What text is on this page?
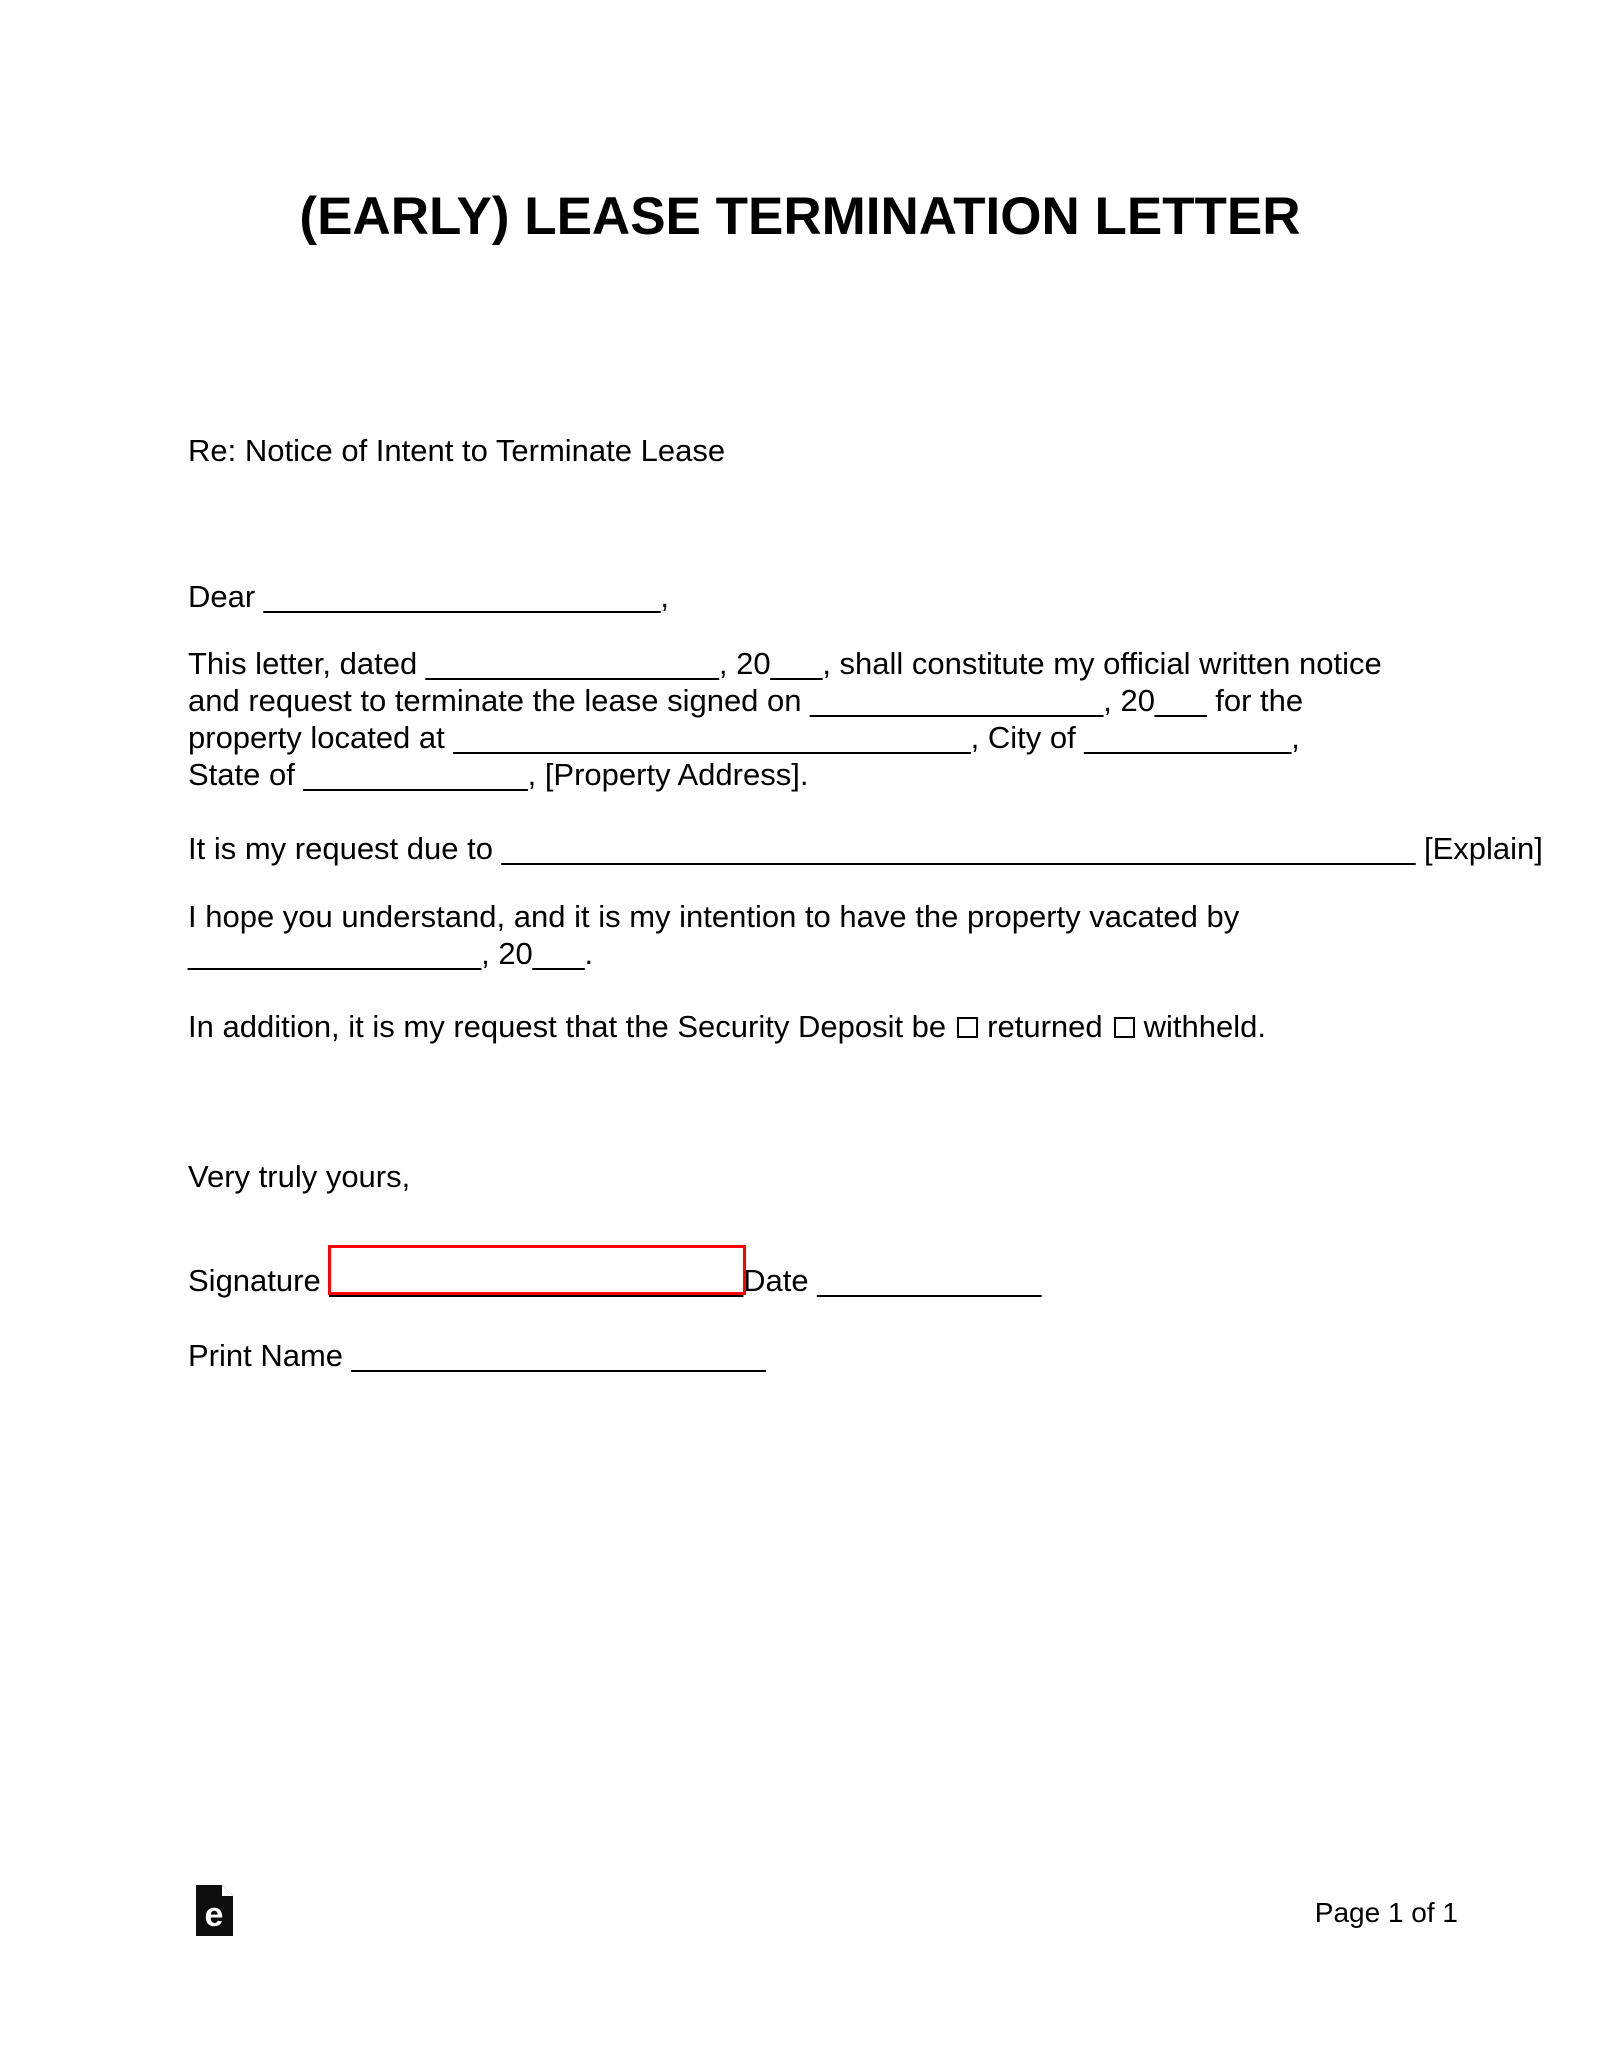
(EARLY) LEASE TERMINATION LETTER
Re: Notice of Intent to Terminate Lease
Dear _______________________,
This letter, dated _________________, 20___, shall constitute my official written notice
and request to terminate the lease signed on _________________, 20___ for the
property located at ______________________________, City of ____________,
State of _____________, [Property Address].
It is my request due to _____________________________________________________ [Explain]
I hope you understand, and it is my intention to have the property vacated by
_________________, 20___.
In addition, it is my request that the Security Deposit be returned withheld.
Very truly yours,
Signature ________________________Date _____________
Print Name ________________________
e	Page 1 of 1
